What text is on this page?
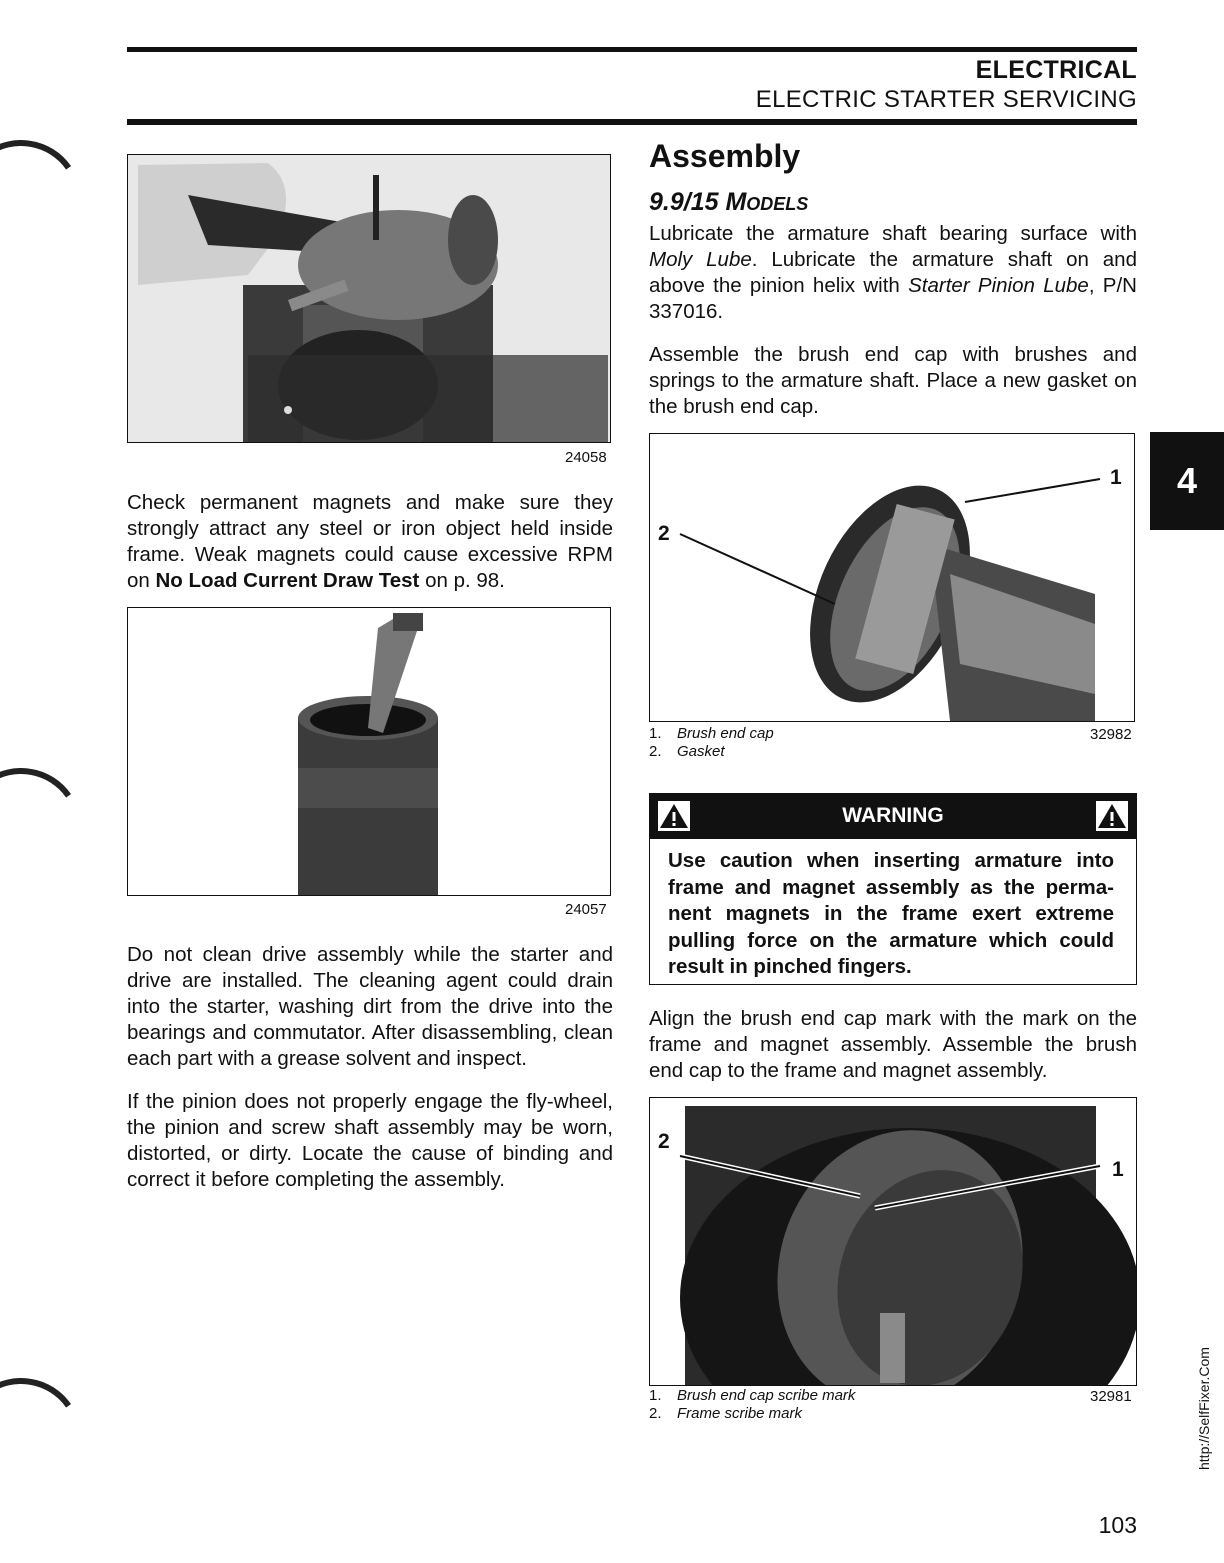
ELECTRICAL
ELECTRIC STARTER SERVICING
4
24058

Check permanent magnets and make sure they strongly attract any steel or iron object held inside frame. Weak magnets could cause excessive RPM on No Load Current Draw Test on p. 98.

24057

Do not clean drive assembly while the starter and drive are installed. The cleaning agent could drain into the starter, washing dirt from the drive into the bearings and commutator. After disassembling, clean each part with a grease solvent and inspect.

If the pinion does not properly engage the fly-wheel, the pinion and screw shaft assembly may be worn, distorted, or dirty. Locate the cause of binding and correct it before completing the assembly.

Assembly
9.9/15 Models

Lubricate the armature shaft bearing surface with Moly Lube. Lubricate the armature shaft on and above the pinion helix with Starter Pinion Lube, P/N 337016.

Assemble the brush end cap with brushes and springs to the armature shaft. Place a new gasket on the brush end cap.

1
2
1. Brush end cap
2. Gasket
32982
WARNING

Use caution when inserting armature into frame and magnet assembly as the perma-nent magnets in the frame exert extreme pulling force on the armature which could result in pinched fingers.

Align the brush end cap mark with the mark on the frame and magnet assembly. Assemble the brush end cap to the frame and magnet assembly.

1
2
1. Brush end cap scribe mark
2. Frame scribe mark
32981	http://SelfFixer.Com
103
